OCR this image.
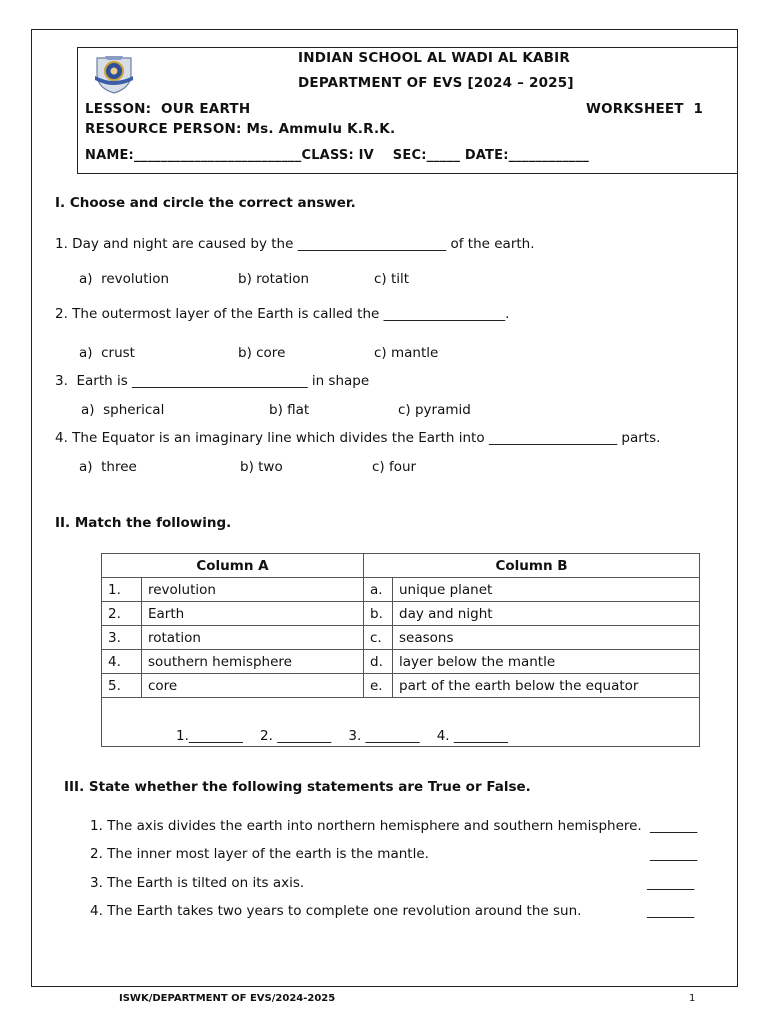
INDIAN SCHOOL AL WADI AL KABIR
DEPARTMENT OF EVS [2024 – 2025]
LESSON:  OUR EARTH	WORKSHEET  1
RESOURCE PERSON: Ms. Ammulu K.R.K.
NAME:_________________________CLASS: IV    SEC:_____ DATE:____________
I. Choose and circle the correct answer.
1. Day and night are caused by the ______________________ of the earth.
a)  revolution	b) rotation	c) tilt
2. The outermost layer of the Earth is called the __________________.
a)  crust	b) core	c) mantle
3.  Earth is __________________________ in shape
a)  spherical	b) flat	c) pyramid
4. The Equator is an imaginary line which divides the Earth into ___________________ parts.
a)  three	b) two	c) four
II. Match the following.
Column A		Column B	
1.	revolution	a.	unique planet
2.	Earth	b.	day and night
3.	rotation	c.	seasons
4.	southern hemisphere	d.	layer below the mantle
5.	core	e.	part of the earth below the equator
1.________    2. ________    3. ________    4. ________			
III. State whether the following statements are True or False.
1. The axis divides the earth into northern hemisphere and southern hemisphere. _______
2. The inner most layer of the earth is the mantle.	_______
3. The Earth is tilted on its axis.	_______
4. The Earth takes two years to complete one revolution around the sun.	_______
ISWK/DEPARTMENT OF EVS/2024-2025	1
